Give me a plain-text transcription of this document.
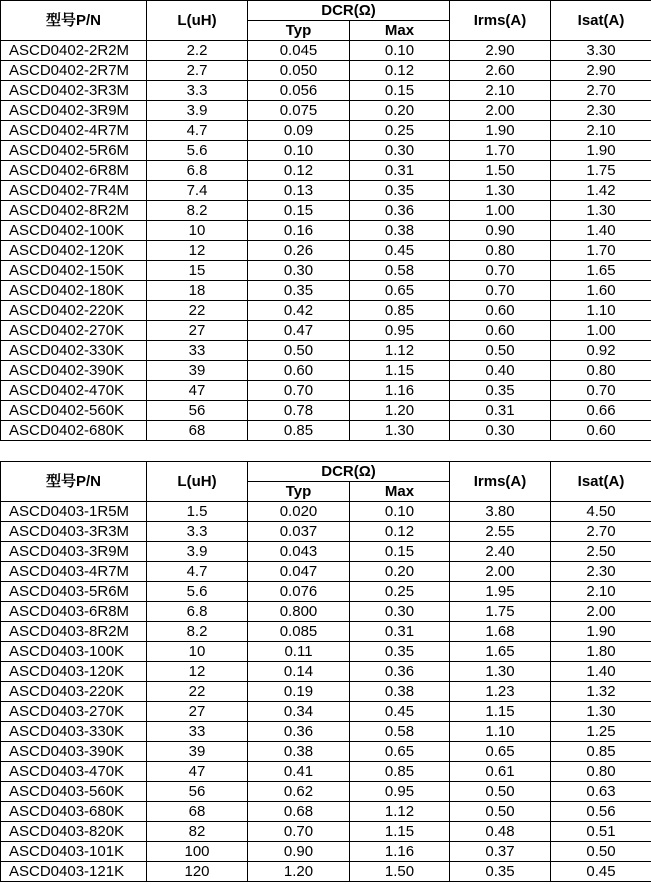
型号P/N	L(uH)	DCR(Ω)		Irms(A)	Isat(A)
		Typ	Max		
ASCD0402-2R2M	2.2	0.045	0.10	2.90	3.30
ASCD0402-2R7M	2.7	0.050	0.12	2.60	2.90
ASCD0402-3R3M	3.3	0.056	0.15	2.10	2.70
ASCD0402-3R9M	3.9	0.075	0.20	2.00	2.30
ASCD0402-4R7M	4.7	0.09	0.25	1.90	2.10
ASCD0402-5R6M	5.6	0.10	0.30	1.70	1.90
ASCD0402-6R8M	6.8	0.12	0.31	1.50	1.75
ASCD0402-7R4M	7.4	0.13	0.35	1.30	1.42
ASCD0402-8R2M	8.2	0.15	0.36	1.00	1.30
ASCD0402-100K	10	0.16	0.38	0.90	1.40
ASCD0402-120K	12	0.26	0.45	0.80	1.70
ASCD0402-150K	15	0.30	0.58	0.70	1.65
ASCD0402-180K	18	0.35	0.65	0.70	1.60
ASCD0402-220K	22	0.42	0.85	0.60	1.10
ASCD0402-270K	27	0.47	0.95	0.60	1.00
ASCD0402-330K	33	0.50	1.12	0.50	0.92
ASCD0402-390K	39	0.60	1.15	0.40	0.80
ASCD0402-470K	47	0.70	1.16	0.35	0.70
ASCD0402-560K	56	0.78	1.20	0.31	0.66
ASCD0402-680K	68	0.85	1.30	0.30	0.60
型号P/N	L(uH)	DCR(Ω)		Irms(A)	Isat(A)
		Typ	Max		
ASCD0403-1R5M	1.5	0.020	0.10	3.80	4.50
ASCD0403-3R3M	3.3	0.037	0.12	2.55	2.70
ASCD0403-3R9M	3.9	0.043	0.15	2.40	2.50
ASCD0403-4R7M	4.7	0.047	0.20	2.00	2.30
ASCD0403-5R6M	5.6	0.076	0.25	1.95	2.10
ASCD0403-6R8M	6.8	0.800	0.30	1.75	2.00
ASCD0403-8R2M	8.2	0.085	0.31	1.68	1.90
ASCD0403-100K	10	0.11	0.35	1.65	1.80
ASCD0403-120K	12	0.14	0.36	1.30	1.40
ASCD0403-220K	22	0.19	0.38	1.23	1.32
ASCD0403-270K	27	0.34	0.45	1.15	1.30
ASCD0403-330K	33	0.36	0.58	1.10	1.25
ASCD0403-390K	39	0.38	0.65	0.65	0.85
ASCD0403-470K	47	0.41	0.85	0.61	0.80
ASCD0403-560K	56	0.62	0.95	0.50	0.63
ASCD0403-680K	68	0.68	1.12	0.50	0.56
ASCD0403-820K	82	0.70	1.15	0.48	0.51
ASCD0403-101K	100	0.90	1.16	0.37	0.50
ASCD0403-121K	120	1.20	1.50	0.35	0.45
